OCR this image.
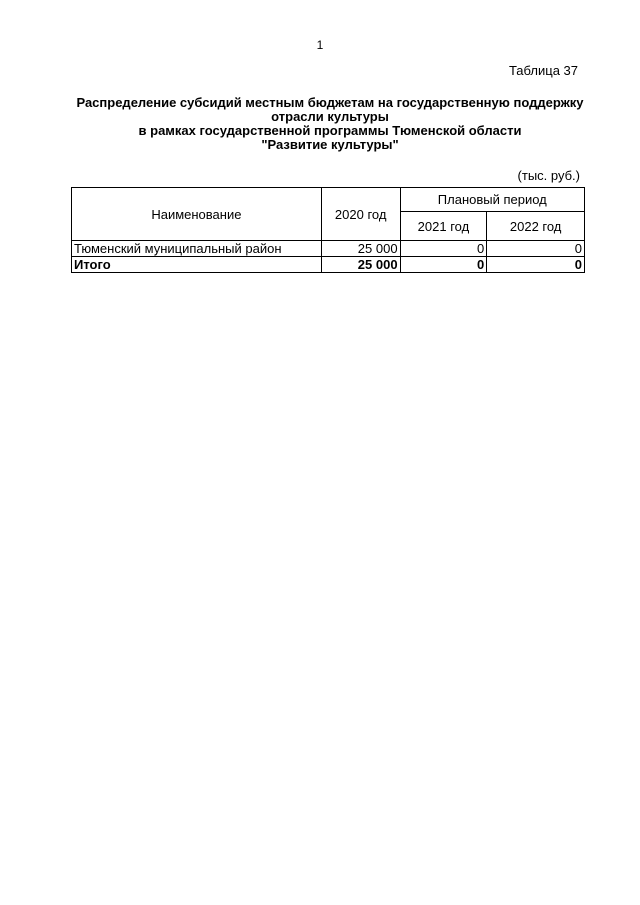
1
Таблица 37
Распределение субсидий местным бюджетам на государственную поддержку
отрасли культуры
в рамках государственной программы Тюменской области
"Развитие культуры"
(тыс. руб.)
Наименование	2020 год	Плановый период	
		2021 год	2022 год
Тюменский муниципальный район	25 000	0	0
Итого	25 000	0	0
